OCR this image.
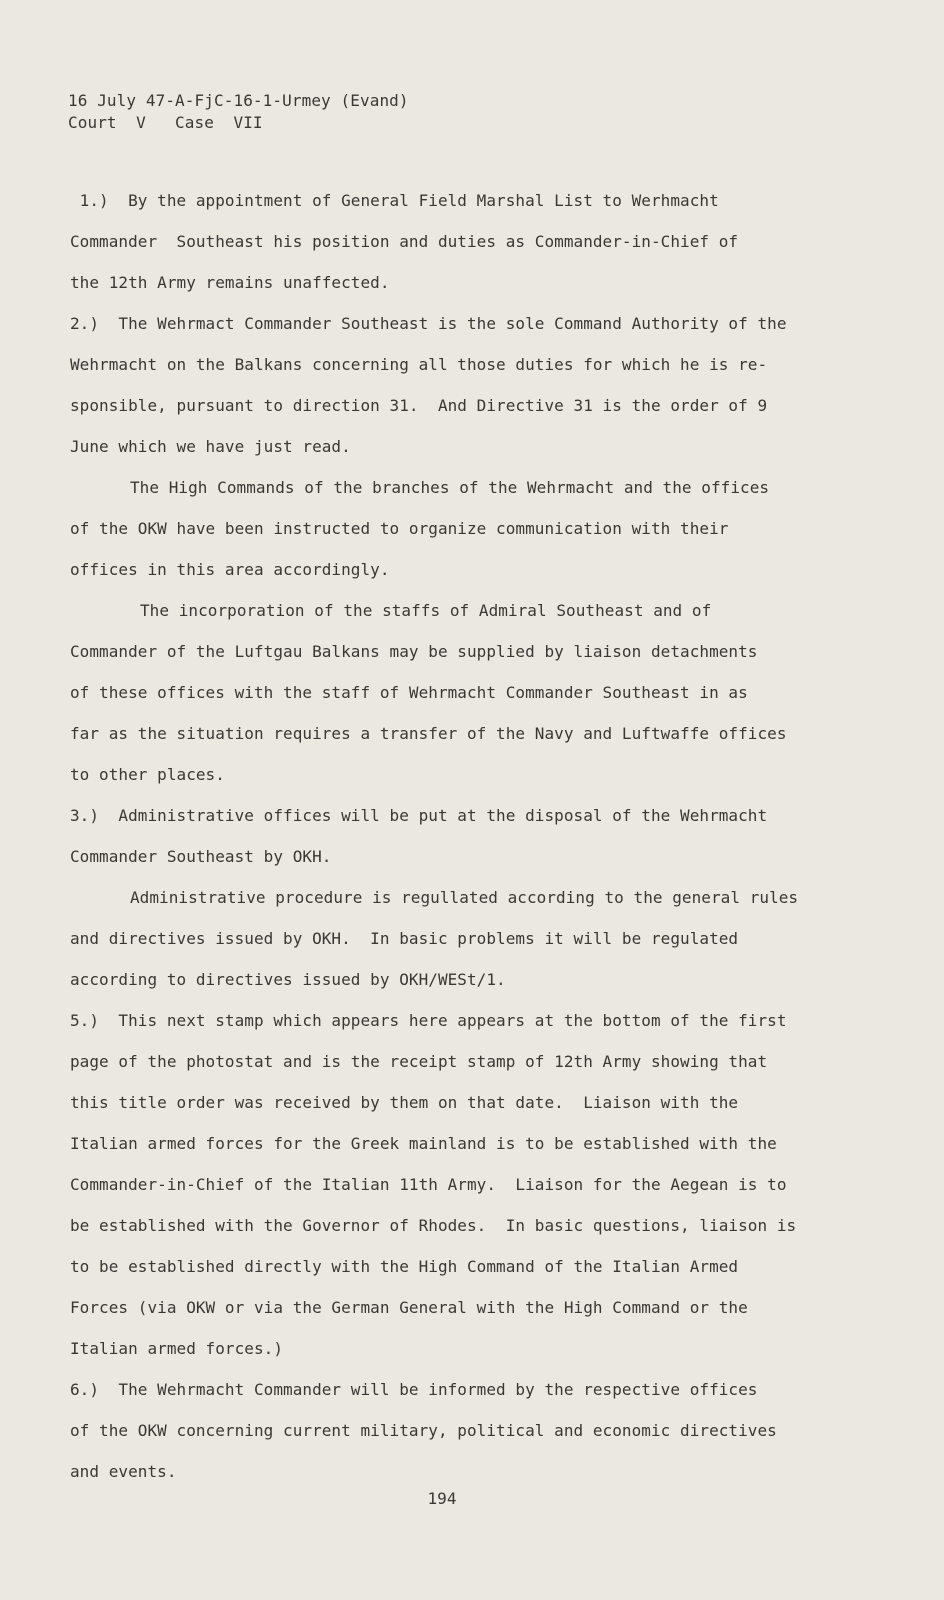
16 July 47-A-FjC-16-1-Urmey (Evand)
Court  V   Case  VII
1.)  By the appointment of General Field Marshal List to Werhmacht
Commander  Southeast his position and duties as Commander-in-Chief of
the 12th Army remains unaffected.
2.)  The Wehrmact Commander Southeast is the sole Command Authority of the
Wehrmacht on the Balkans concerning all those duties for which he is re-
sponsible, pursuant to direction 31.  And Directive 31 is the order of 9
June which we have just read.
The High Commands of the branches of the Wehrmacht and the offices
of the OKW have been instructed to organize communication with their
offices in this area accordingly.
The incorporation of the staffs of Admiral Southeast and of
Commander of the Luftgau Balkans may be supplied by liaison detachments
of these offices with the staff of Wehrmacht Commander Southeast in as
far as the situation requires a transfer of the Navy and Luftwaffe offices
to other places.
3.)  Administrative offices will be put at the disposal of the Wehrmacht
Commander Southeast by OKH.
Administrative procedure is regullated according to the general rules
and directives issued by OKH.  In basic problems it will be regulated
according to directives issued by OKH/WESt/1.
5.)  This next stamp which appears here appears at the bottom of the first
page of the photostat and is the receipt stamp of 12th Army showing that
this title order was received by them on that date.  Liaison with the
Italian armed forces for the Greek mainland is to be established with the
Commander-in-Chief of the Italian 11th Army.  Liaison for the Aegean is to
be established with the Governor of Rhodes.  In basic questions, liaison is
to be established directly with the High Command of the Italian Armed
Forces (via OKW or via the German General with the High Command or the
Italian armed forces.)
6.)  The Wehrmacht Commander will be informed by the respective offices
of the OKW concerning current military, political and economic directives
and events.
194
